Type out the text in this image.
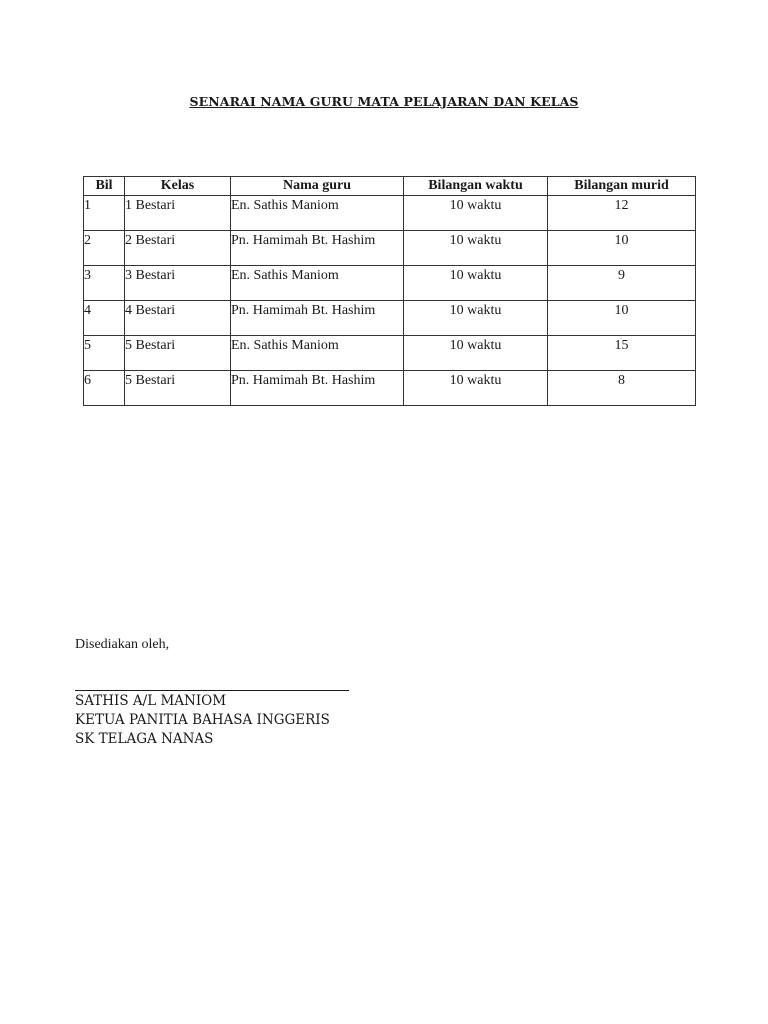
SENARAI NAMA GURU MATA PELAJARAN DAN KELAS
Bil	Kelas	Nama guru	Bilangan waktu	Bilangan murid
1	1 Bestari	En. Sathis Maniom	10 waktu	12
2	2 Bestari	Pn. Hamimah Bt. Hashim	10 waktu	10
3	3 Bestari	En. Sathis Maniom	10 waktu	9
4	4 Bestari	Pn. Hamimah Bt. Hashim	10 waktu	10
5	5 Bestari	En. Sathis Maniom	10 waktu	15
6	5 Bestari	Pn. Hamimah Bt. Hashim	10 waktu	8

Disediakan oleh,

SATHIS A/L MANIOM
KETUA PANITIA BAHASA INGGERIS
SK TELAGA NANAS
